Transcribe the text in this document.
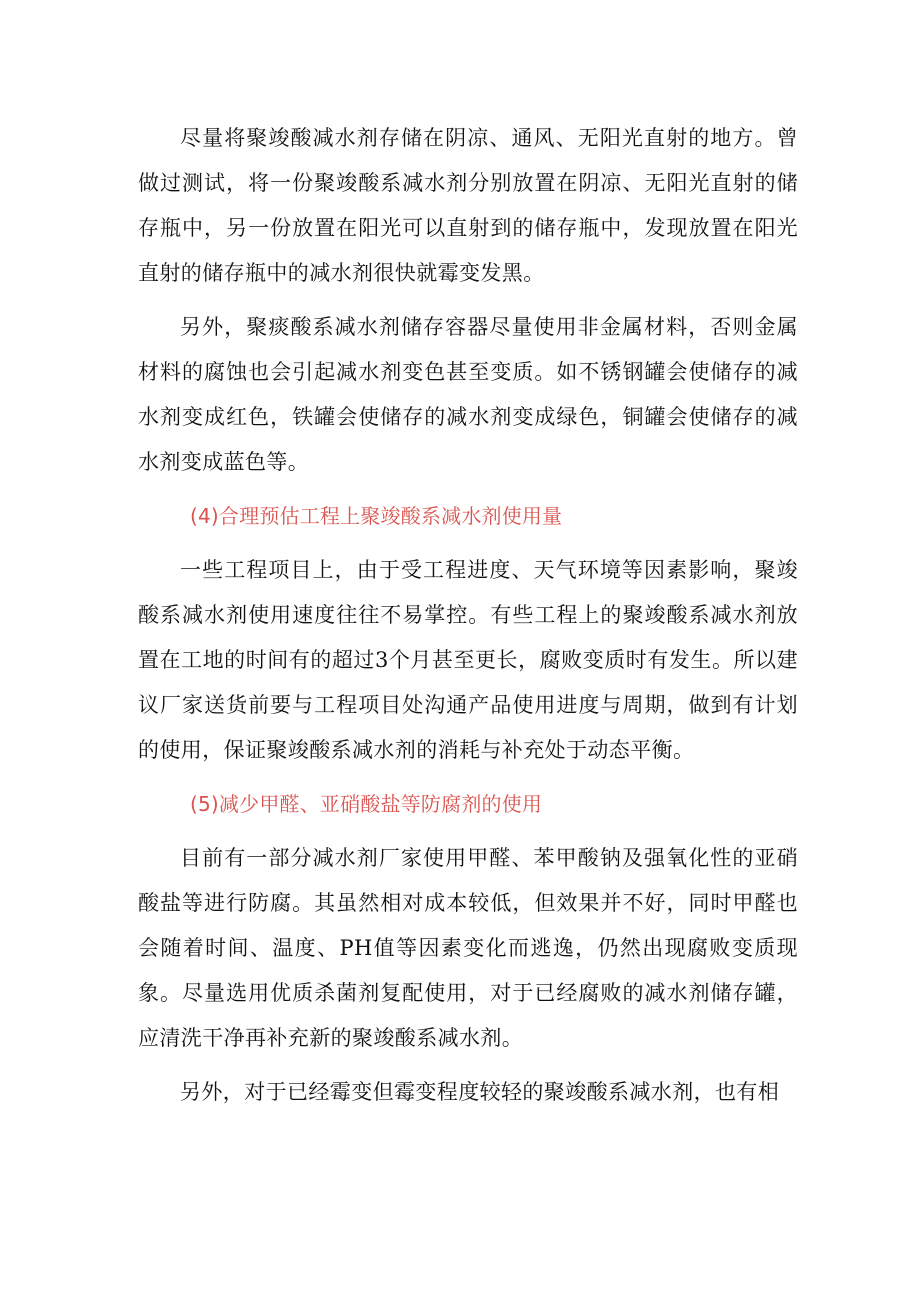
尽量将聚竣酸减水剂存储在阴凉、通风、无阳光直射的地方。曾做过测试，将一份聚竣酸系减水剂分别放置在阴凉、无阳光直射的储存瓶中，另一份放置在阳光可以直射到的储存瓶中，发现放置在阳光直射的储存瓶中的减水剂很快就霉变发黑。

另外，聚痰酸系减水剂储存容器尽量使用非金属材料，否则金属材料的腐蚀也会引起减水剂变色甚至变质。如不锈钢罐会使储存的减水剂变成红色，铁罐会使储存的减水剂变成绿色，铜罐会使储存的减水剂变成蓝色等。

(4)合理预估工程上聚竣酸系减水剂使用量

一些工程项目上，由于受工程进度、天气环境等因素影响，聚竣酸系减水剂使用速度往往不易掌控。有些工程上的聚竣酸系减水剂放置在工地的时间有的超过3个月甚至更长，腐败变质时有发生。所以建议厂家送货前要与工程项目处沟通产品使用进度与周期，做到有计划的使用，保证聚竣酸系减水剂的消耗与补充处于动态平衡。

(5)减少甲醛、亚硝酸盐等防腐剂的使用

目前有一部分减水剂厂家使用甲醛、苯甲酸钠及强氧化性的亚硝酸盐等进行防腐。其虽然相对成本较低，但效果并不好，同时甲醛也会随着时间、温度、PH值等因素变化而逃逸，仍然出现腐败变质现象。尽量选用优质杀菌剂复配使用，对于已经腐败的减水剂储存罐，应清洗干净再补充新的聚竣酸系减水剂。

另外，对于已经霉变但霉变程度较轻的聚竣酸系减水剂，也有相
